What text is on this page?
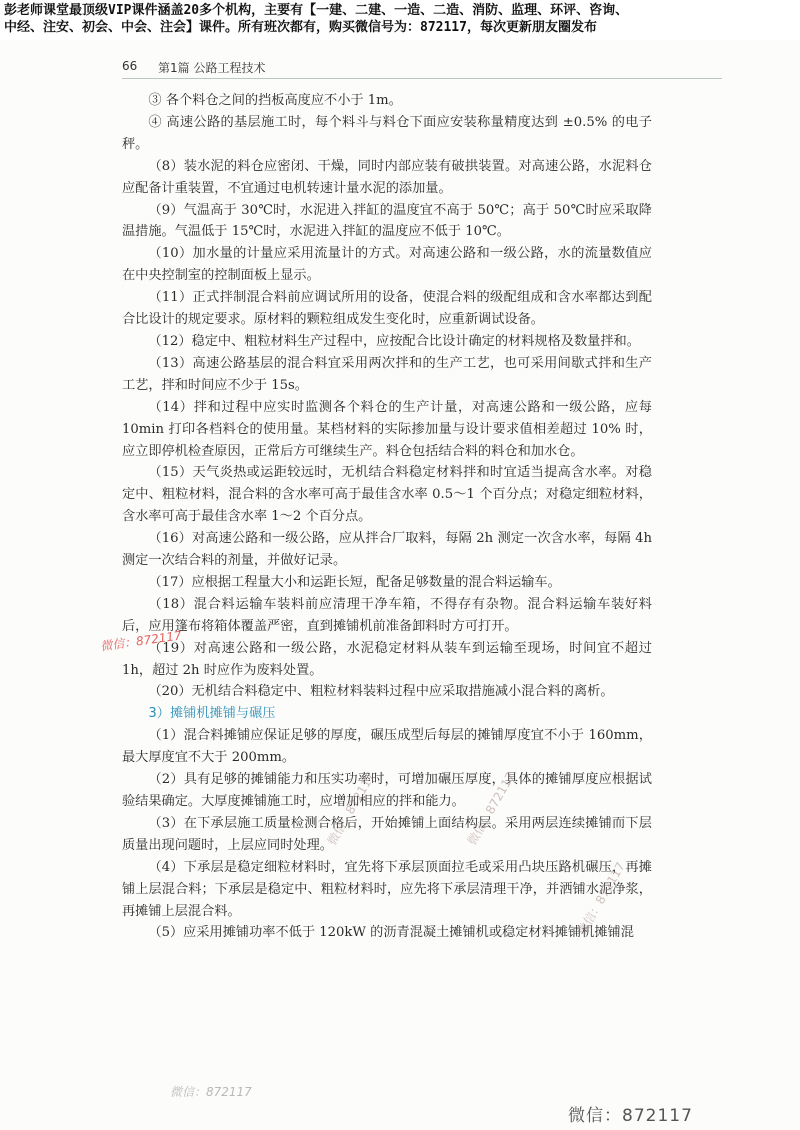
彭老师课堂最顶级VIP课件涵盖20多个机构，主要有【一建、二建、一造、二造、消防、监理、环评、咨询、
中经、注安、初会、中会、注会】课件。所有班次都有，购买微信号为：872117，每次更新朋友圈发布
66 第1篇 公路工程技术

③ 各个料仓之间的挡板高度应不小于 1m。

④ 高速公路的基层施工时，每个料斗与料仓下面应安装称量精度达到 ±0.5% 的电子秤。

（8）装水泥的料仓应密闭、干燥，同时内部应装有破拱装置。对高速公路，水泥料仓应配备计重装置，不宜通过电机转速计量水泥的添加量。

（9）气温高于 30℃时，水泥进入拌缸的温度宜不高于 50℃；高于 50℃时应采取降温措施。气温低于 15℃时，水泥进入拌缸的温度应不低于 10℃。

（10）加水量的计量应采用流量计的方式。对高速公路和一级公路，水的流量数值应在中央控制室的控制面板上显示。

（11）正式拌制混合料前应调试所用的设备，使混合料的级配组成和含水率都达到配合比设计的规定要求。原材料的颗粒组成发生变化时，应重新调试设备。

（12）稳定中、粗粒材料生产过程中，应按配合比设计确定的材料规格及数量拌和。

（13）高速公路基层的混合料宜采用两次拌和的生产工艺，也可采用间歇式拌和生产工艺，拌和时间应不少于 15s。

（14）拌和过程中应实时监测各个料仓的生产计量，对高速公路和一级公路，应每 10min 打印各档料仓的使用量。某档材料的实际掺加量与设计要求值相差超过 10% 时，应立即停机检查原因，正常后方可继续生产。料仓包括结合料的料仓和加水仓。

（15）天气炎热或运距较远时，无机结合料稳定材料拌和时宜适当提高含水率。对稳定中、粗粒材料，混合料的含水率可高于最佳含水率 0.5～1 个百分点；对稳定细粒材料，含水率可高于最佳含水率 1～2 个百分点。

（16）对高速公路和一级公路，应从拌合厂取料，每隔 2h 测定一次含水率，每隔 4h 测定一次结合料的剂量，并做好记录。

（17）应根据工程量大小和运距长短，配备足够数量的混合料运输车。

（18）混合料运输车装料前应清理干净车箱，不得存有杂物。混合料运输车装好料后，应用篷布将箱体覆盖严密，直到摊铺机前准备卸料时方可打开。

（19）对高速公路和一级公路，水泥稳定材料从装车到运输至现场，时间宜不超过 1h，超过 2h 时应作为废料处置。

（20）无机结合料稳定中、粗粒材料装料过程中应采取措施减小混合料的离析。

3）摊铺机摊铺与碾压

（1）混合料摊铺应保证足够的厚度，碾压成型后每层的摊铺厚度宜不小于 160mm，最大厚度宜不大于 200mm。

（2）具有足够的摊铺能力和压实功率时，可增加碾压厚度，具体的摊铺厚度应根据试验结果确定。大厚度摊铺施工时，应增加相应的拌和能力。

（3）在下承层施工质量检测合格后，开始摊铺上面结构层。采用两层连续摊铺而下层质量出现问题时，上层应同时处理。

（4）下承层是稳定细粒材料时，宜先将下承层顶面拉毛或采用凸块压路机碾压，再摊铺上层混合料；下承层是稳定中、粗粒材料时，应先将下承层清理干净，并洒铺水泥净浆，再摊铺上层混合料。

（5）应采用摊铺功率不低于 120kW 的沥青混凝土摊铺机或稳定材料摊铺机摊铺混

微信：872117
微信：872117	微信：872117
微信：872117
微信：872117
微信：872117
